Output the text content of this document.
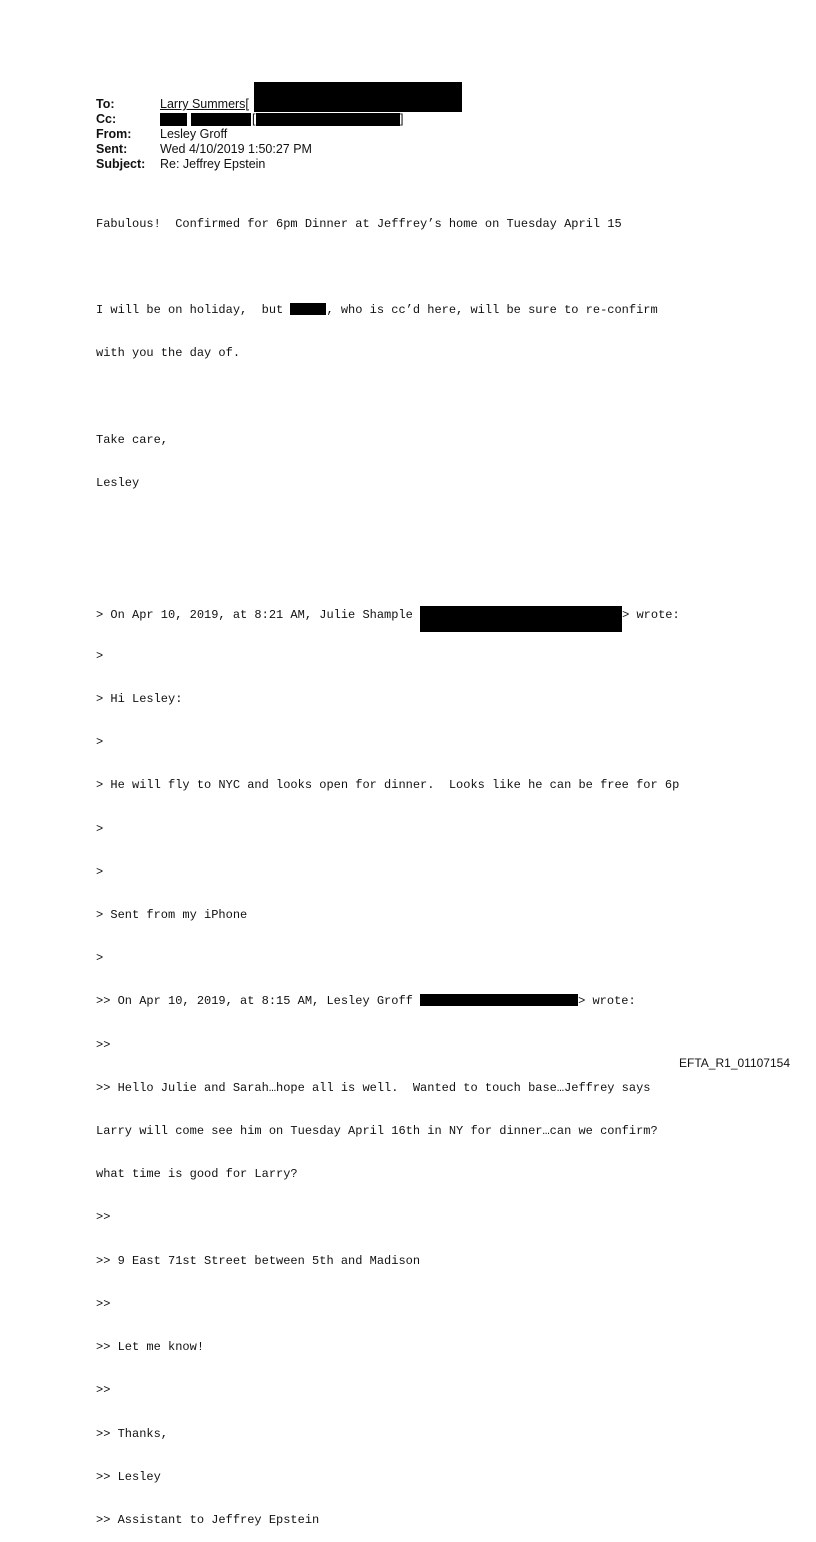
To:	Larry Summers[
Cc:	[	]
From: Lesley Groff
Sent:	Wed 4/10/2019 1:50:27 PM
Subject: Re: Jeffrey Epstein

Fabulous!  Confirmed for 6pm Dinner at Jeffrey’s home on Tuesday April 15

I will be on holiday,  but	, who is cc’d here, will be sure to re-confirm

with you the day of.

Take care,

Lesley

> On Apr 10, 2019, at 8:21 AM, Julie Shample	> wrote:

>

> Hi Lesley:

>

> He will fly to NYC and looks open for dinner.  Looks like he can be free for 6p

>

>

> Sent from my iPhone

>

>> On Apr 10, 2019, at 8:15 AM, Lesley Groff	> wrote:

>>

>> Hello Julie and Sarah…hope all is well.  Wanted to touch base…Jeffrey says

Larry will come see him on Tuesday April 16th in NY for dinner…can we confirm?

what time is good for Larry?

>>

>> 9 East 71st Street between 5th and Madison

>>

>> Let me know!

>>

>> Thanks,

>> Lesley

>> Assistant to Jeffrey Epstein

EFTA_R1_01107154
